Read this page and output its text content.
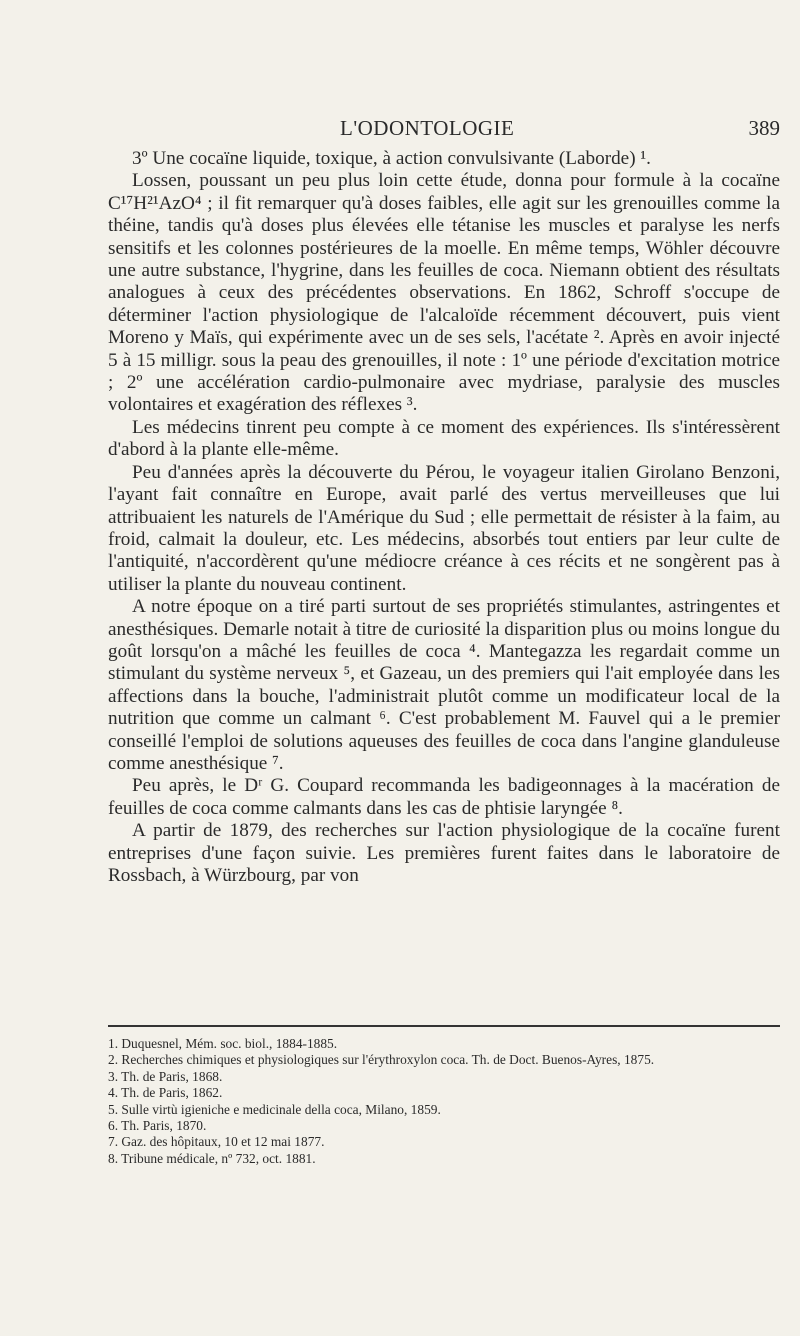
L'ODONTOLOGIE	389

3º Une cocaïne liquide, toxique, à action convulsivante (Laborde) ¹.

Lossen, poussant un peu plus loin cette étude, donna pour formule à la cocaïne C¹⁷H²¹AzO⁴ ; il fit remarquer qu'à doses faibles, elle agit sur les grenouilles comme la théine, tandis qu'à doses plus élevées elle tétanise les muscles et paralyse les nerfs sensitifs et les colonnes postérieures de la moelle. En même temps, Wöhler découvre une autre substance, l'hygrine, dans les feuilles de coca. Niemann obtient des résultats analogues à ceux des précédentes observations. En 1862, Schroff s'occupe de déterminer l'action physiologique de l'alcaloïde récemment découvert, puis vient Moreno y Maïs, qui expérimente avec un de ses sels, l'acétate ². Après en avoir injecté 5 à 15 milligr. sous la peau des grenouilles, il note : 1º une période d'excitation motrice ; 2º une accélération cardio-pulmonaire avec mydriase, paralysie des muscles volontaires et exagération des réflexes ³.

Les médecins tinrent peu compte à ce moment des expériences. Ils s'intéressèrent d'abord à la plante elle-même.

Peu d'années après la découverte du Pérou, le voyageur italien Girolano Benzoni, l'ayant fait connaître en Europe, avait parlé des vertus merveilleuses que lui attribuaient les naturels de l'Amérique du Sud ; elle permettait de résister à la faim, au froid, calmait la douleur, etc. Les médecins, absorbés tout entiers par leur culte de l'antiquité, n'accordèrent qu'une médiocre créance à ces récits et ne songèrent pas à utiliser la plante du nouveau continent.

A notre époque on a tiré parti surtout de ses propriétés stimulantes, astringentes et anesthésiques. Demarle notait à titre de curiosité la disparition plus ou moins longue du goût lorsqu'on a mâché les feuilles de coca ⁴. Mantegazza les regardait comme un stimulant du système nerveux ⁵, et Gazeau, un des premiers qui l'ait employée dans les affections dans la bouche, l'administrait plutôt comme un modificateur local de la nutrition que comme un calmant ⁶. C'est probablement M. Fauvel qui a le premier conseillé l'emploi de solutions aqueuses des feuilles de coca dans l'angine glanduleuse comme anesthésique ⁷.

Peu après, le Dʳ G. Coupard recommanda les badigeonnages à la macération de feuilles de coca comme calmants dans les cas de phtisie laryngée ⁸.

A partir de 1879, des recherches sur l'action physiologique de la cocaïne furent entreprises d'une façon suivie. Les premières furent faites dans le laboratoire de Rossbach, à Würzbourg, par von

1. Duquesnel, Mém. soc. biol., 1884-1885.
2. Recherches chimiques et physiologiques sur l'érythroxylon coca. Th. de Doct. Buenos-Ayres, 1875.
3. Th. de Paris, 1868.
4. Th. de Paris, 1862.
5. Sulle virtù igieniche e medicinale della coca, Milano, 1859.
6. Th. Paris, 1870.
7. Gaz. des hôpitaux, 10 et 12 mai 1877.
8. Tribune médicale, nº 732, oct. 1881.
